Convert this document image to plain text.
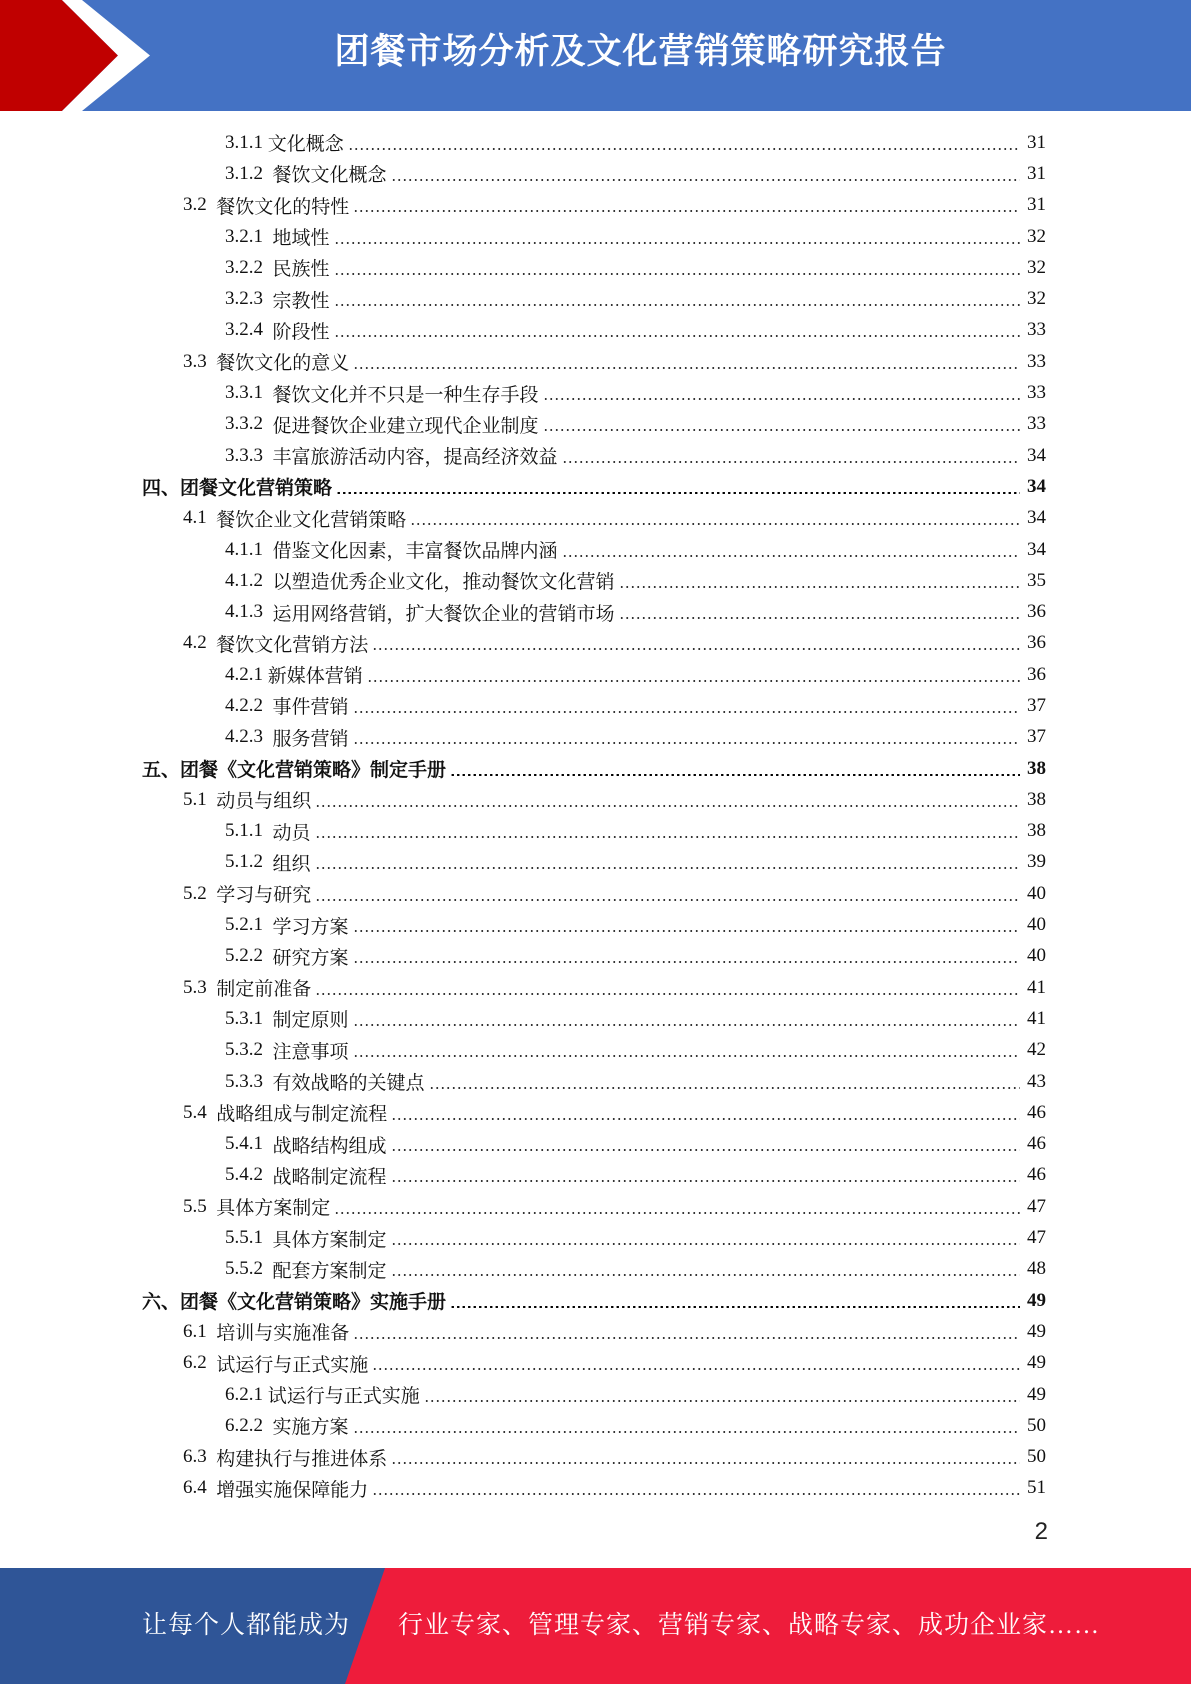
团餐市场分析及文化营销策略研究报告
3.1.1 文化概念	31
3.1.2 餐饮文化概念	31
3.2 餐饮文化的特性	31
3.2.1 地域性	32
3.2.2 民族性	32
3.2.3 宗教性	32
3.2.4 阶段性	33
3.3 餐饮文化的意义	33
3.3.1 餐饮文化并不只是一种生存手段	33
3.3.2 促进餐饮企业建立现代企业制度	33
3.3.3 丰富旅游活动内容，提高经济效益	34
四、团餐文化营销策略	34
4.1 餐饮企业文化营销策略	34
4.1.1 借鉴文化因素，丰富餐饮品牌内涵	34
4.1.2 以塑造优秀企业文化，推动餐饮文化营销	35
4.1.3 运用网络营销，扩大餐饮企业的营销市场	36
4.2 餐饮文化营销方法	36
4.2.1 新媒体营销	36
4.2.2 事件营销	37
4.2.3 服务营销	37
五、团餐《文化营销策略》制定手册	38
5.1 动员与组织	38
5.1.1 动员	38
5.1.2 组织	39
5.2 学习与研究	40
5.2.1 学习方案	40
5.2.2 研究方案	40
5.3 制定前准备	41
5.3.1 制定原则	41
5.3.2 注意事项	42
5.3.3 有效战略的关键点	43
5.4 战略组成与制定流程	46
5.4.1 战略结构组成	46
5.4.2 战略制定流程	46
5.5 具体方案制定	47
5.5.1 具体方案制定	47
5.5.2 配套方案制定	48
六、团餐《文化营销策略》实施手册	49
6.1 培训与实施准备	49
6.2 试运行与正式实施	49
6.2.1 试运行与正式实施	49
6.2.2 实施方案	50
6.3 构建执行与推进体系	50
6.4 增强实施保障能力	51
2
让每个人都能成为 行业专家、管理专家、营销专家、战略专家、成功企业家……
